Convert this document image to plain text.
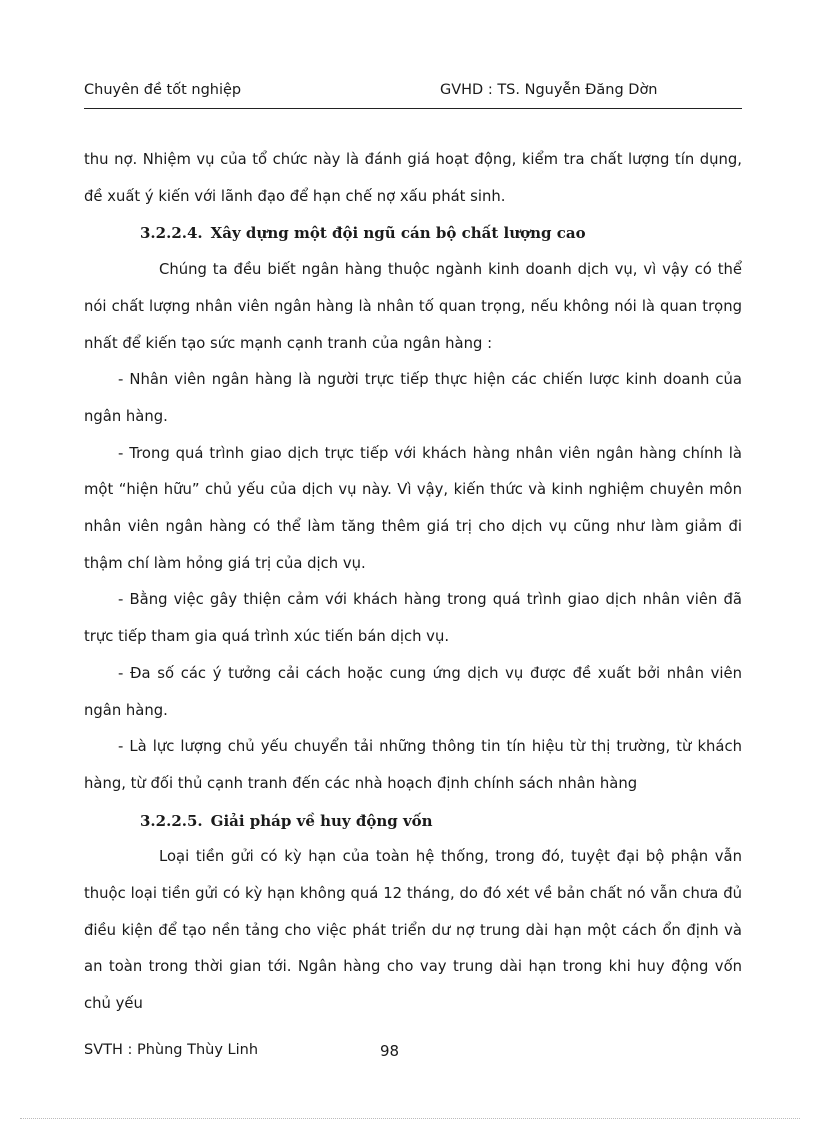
Chuyên đề tốt nghiệp	GVHD : TS. Nguyễn Đăng Dờn

thu nợ. Nhiệm vụ của tổ chức này là đánh giá hoạt động, kiểm tra chất lượng tín dụng, đề xuất ý kiến với lãnh đạo để hạn chế nợ xấu phát sinh.

3.2.2.4. Xây dựng một đội ngũ cán bộ chất lượng cao

Chúng ta đều biết ngân hàng thuộc ngành kinh doanh dịch vụ, vì vậy có thể nói chất lượng nhân viên ngân hàng là nhân tố quan trọng, nếu không nói là quan trọng nhất để kiến tạo sức mạnh cạnh tranh của ngân hàng :

- Nhân viên ngân hàng là người trực tiếp thực hiện các chiến lược kinh doanh của ngân hàng.

- Trong quá trình giao dịch trực tiếp với khách hàng nhân viên ngân hàng chính là một “hiện hữu” chủ yếu của dịch vụ này. Vì vậy, kiến thức và kinh nghiệm chuyên môn nhân viên ngân hàng có thể làm tăng thêm giá trị cho dịch vụ cũng như làm giảm đi thậm chí làm hỏng giá trị của dịch vụ.

- Bằng việc gây thiện cảm với khách hàng trong quá trình giao dịch nhân viên đã trực tiếp tham gia quá trình xúc tiến bán dịch vụ.

- Đa số các ý tưởng cải cách hoặc cung ứng dịch vụ được đề xuất bởi nhân viên ngân hàng.

- Là lực lượng chủ yếu chuyển tải những thông tin tín hiệu từ thị trường, từ khách hàng, từ đối thủ cạnh tranh đến các nhà hoạch định chính sách nhân hàng

3.2.2.5. Giải pháp về huy động vốn

Loại tiền gửi có kỳ hạn của toàn hệ thống, trong đó, tuyệt đại bộ phận vẫn thuộc loại tiền gửi có kỳ hạn không quá 12 tháng, do đó xét về bản chất nó vẫn chưa đủ điều kiện để tạo nền tảng cho việc phát triển dư nợ trung dài hạn một cách ổn định và an toàn trong thời gian tới. Ngân hàng cho vay trung dài hạn trong khi huy động vốn chủ yếu

SVTH : Phùng Thùy Linh	98
